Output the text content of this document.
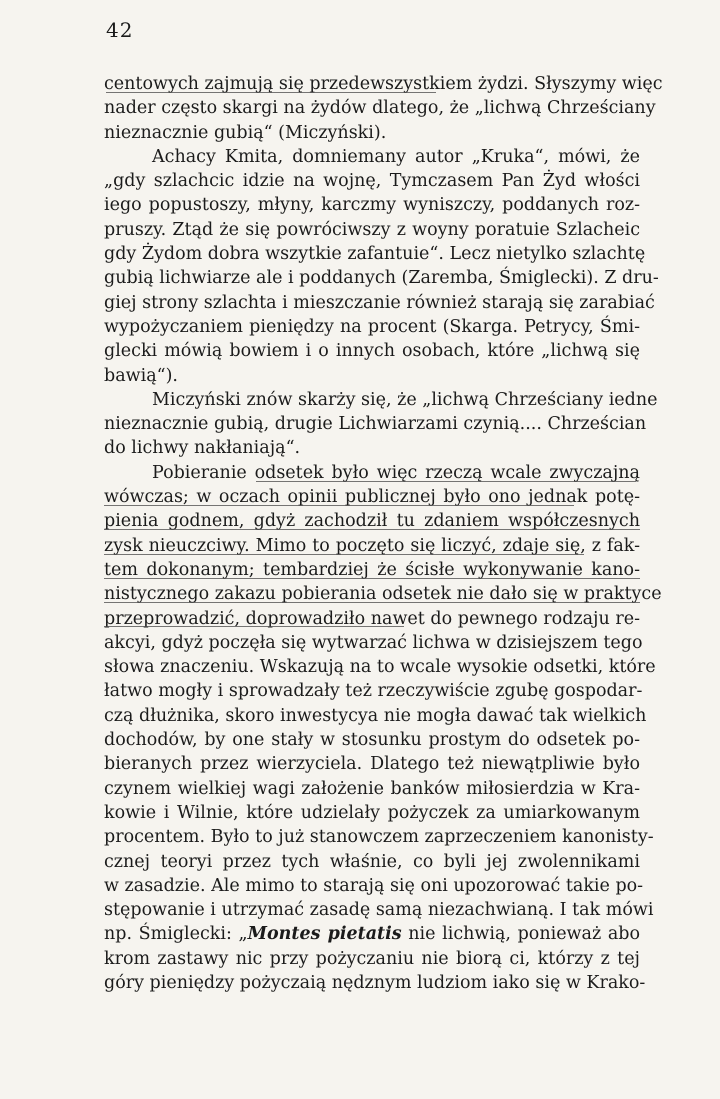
42
centowych zajmują się przedewszystkiem żydzi. Słyszymy więc
nader często skargi na żydów dlatego, że „lichwą Chrześciany
nieznacznie gubią“ (Miczyński).
Achacy Kmita, domniemany autor „Kruka“, mówi, że
„gdy szlachcic idzie na wojnę, Tymczasem Pan Żyd włości
iego popustoszy, młyny, karczmy wyniszczy, poddanych roz-
pruszy. Ztąd że się powróciwszy z woyny poratuie Szlacheic
gdy Żydom dobra wszytkie zafantuie“. Lecz nietylko szlachtę
gubią lichwiarze ale i poddanych (Zaremba, Śmiglecki). Z dru-
giej strony szlachta i mieszczanie również starają się zarabiać
wypożyczaniem pieniędzy na procent (Skarga. Petrycy, Śmi-
glecki mówią bowiem i o innych osobach, które „lichwą się
bawią“).
Miczyński znów skarży się, że „lichwą Chrześciany iedne
nieznacznie gubią, drugie Lichwiarzami czynią.... Chrześcian
do lichwy nakłaniają“.
Pobieranie odsetek było więc rzeczą wcale zwyczajną
wówczas; w oczach opinii publicznej było ono jednak potę-
pienia godnem, gdyż zachodził tu zdaniem współczesnych
zysk nieuczciwy. Mimo to poczęto się liczyć, zdaje się, z fak-
tem dokonanym; tembardziej że ścisłe wykonywanie kano-
nistycznego zakazu pobierania odsetek nie dało się w praktyce
przeprowadzić, doprowadziło nawet do pewnego rodzaju re-
akcyi, gdyż poczęła się wytwarzać lichwa w dzisiejszem tego
słowa znaczeniu. Wskazują na to wcale wysokie odsetki, które
łatwo mogły i sprowadzały też rzeczywiście zgubę gospodar-
czą dłużnika, skoro inwestycya nie mogła dawać tak wielkich
dochodów, by one stały w stosunku prostym do odsetek po-
bieranych przez wierzyciela. Dlatego też niewątpliwie było
czynem wielkiej wagi założenie banków miłosierdzia w Kra-
kowie i Wilnie, które udzielały pożyczek za umiarkowanym
procentem. Było to już stanowczem zaprzeczeniem kanonisty-
cznej teoryi przez tych właśnie, co byli jej zwolennikami
w zasadzie. Ale mimo to starają się oni upozorować takie po-
stępowanie i utrzymać zasadę samą niezachwianą. I tak mówi
np. Śmiglecki: „Montes pietatis nie lichwią, ponieważ abo
krom zastawy nic przy pożyczaniu nie biorą ci, którzy z tej
góry pieniędzy pożyczaią nędznym ludziom iako się w Krako-
